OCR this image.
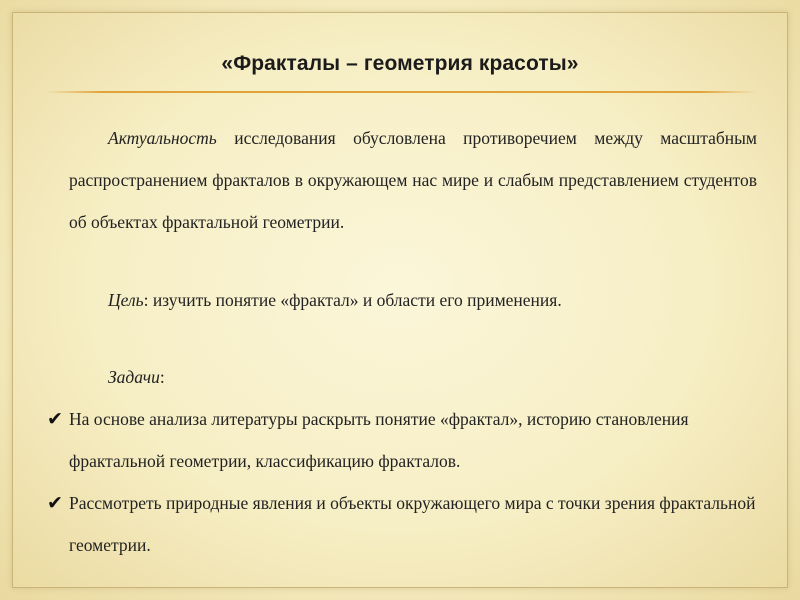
«Фракталы – геометрия красоты»

Актуальность исследования обусловлена противоречием между масштабным распространением фракталов в окружающем нас мире и слабым представлением студентов об объектах фрактальной геометрии.

Цель: изучить понятие «фрактал» и области его применения.

Задачи:

✔ На основе анализа литературы раскрыть понятие «фрактал», историю становления фрактальной геометрии, классификацию фракталов.
✔ Рассмотреть природные явления и объекты окружающего мира с точки зрения фрактальной геометрии.
